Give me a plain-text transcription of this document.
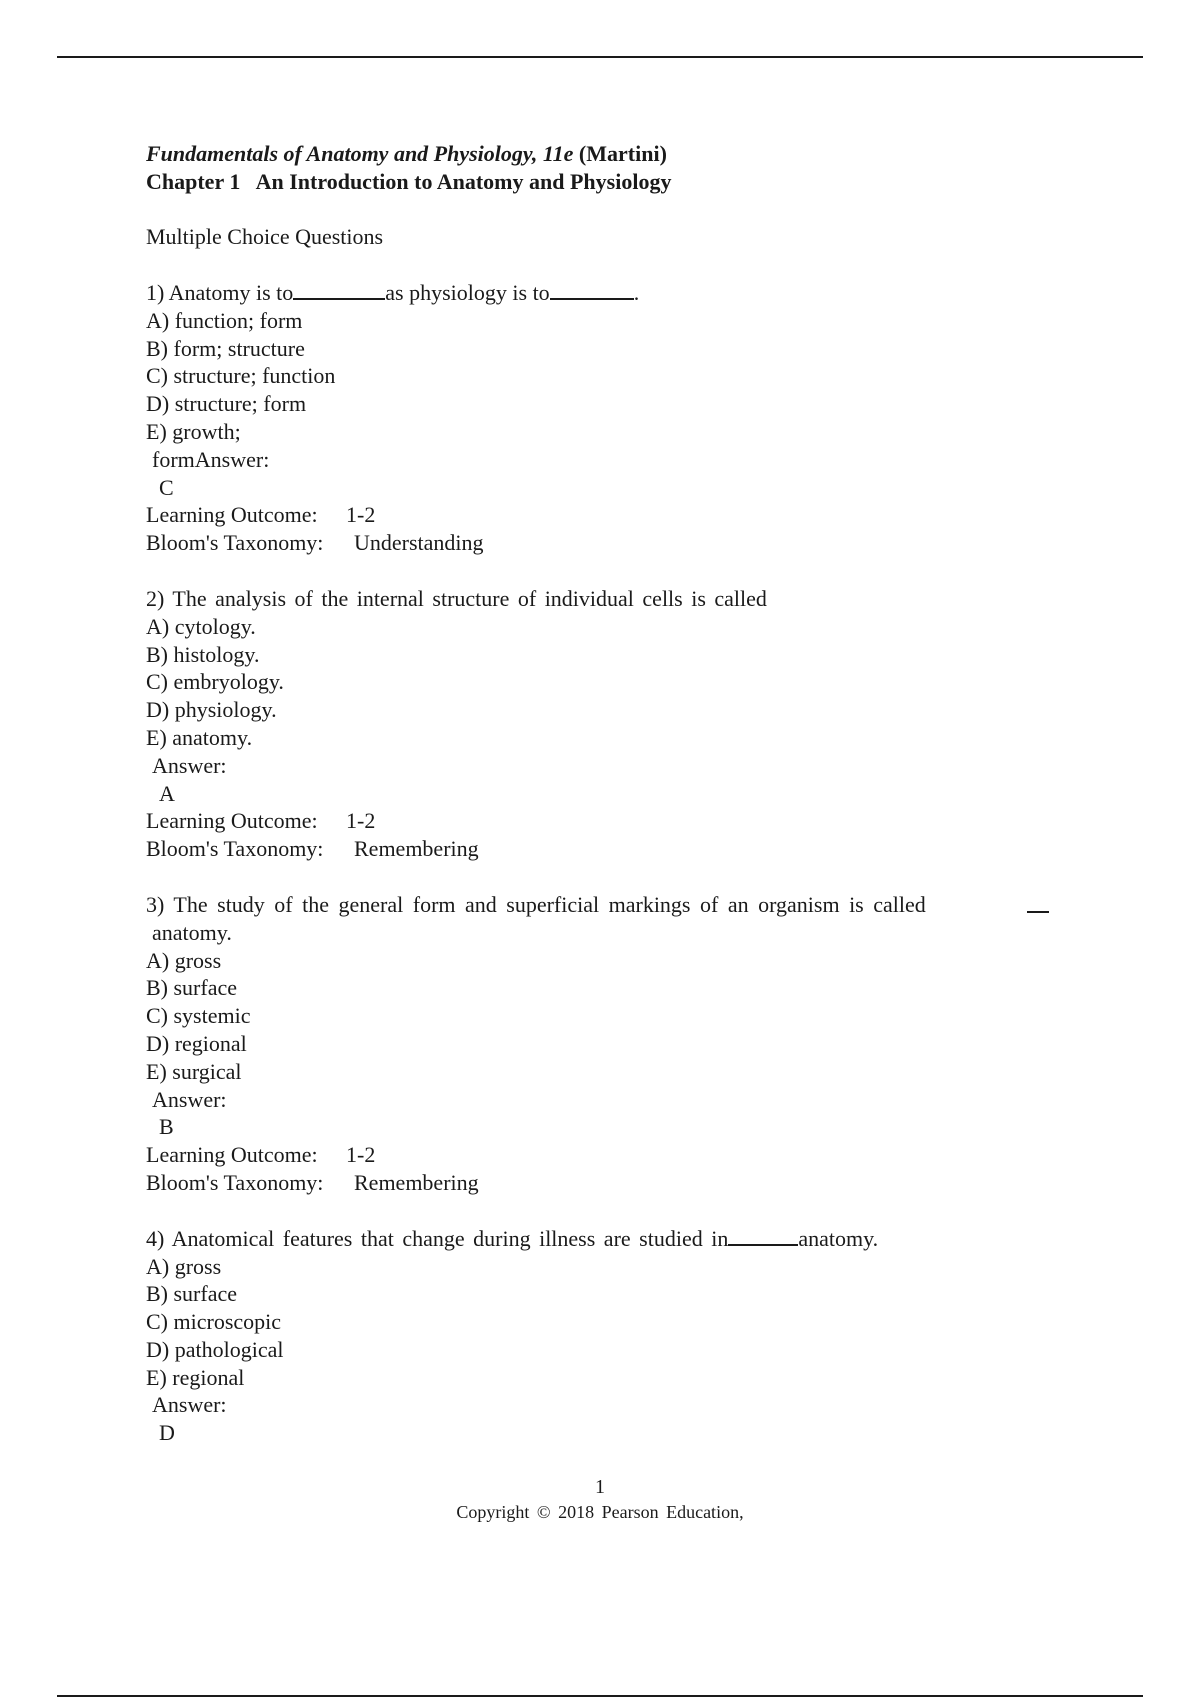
Fundamentals of Anatomy and Physiology, 11e (Martini)
Chapter 1   An Introduction to Anatomy and Physiology
Multiple Choice Questions
1) Anatomy is to	as physiology is to	.
A) function; form
B) form; structure
C) structure; function
D) structure; form
E) growth;
formAnswer:
C
Learning Outcome:	1-2
Bloom's Taxonomy:	Understanding
2) The analysis of the internal structure of individual cells is called
A) cytology.
B) histology.
C) embryology.
D) physiology.
E) anatomy.
Answer:
A
Learning Outcome:	1-2
Bloom's Taxonomy:	Remembering
3) The study of the general form and superficial markings of an organism is called
anatomy.
A) gross
B) surface
C) systemic
D) regional
E) surgical
Answer:
B
Learning Outcome:	1-2
Bloom's Taxonomy:	Remembering
4) Anatomical features that change during illness are studied in	anatomy.
A) gross
B) surface
C) microscopic
D) pathological
E) regional
Answer:
D
1
Copyright © 2018 Pearson Education,
